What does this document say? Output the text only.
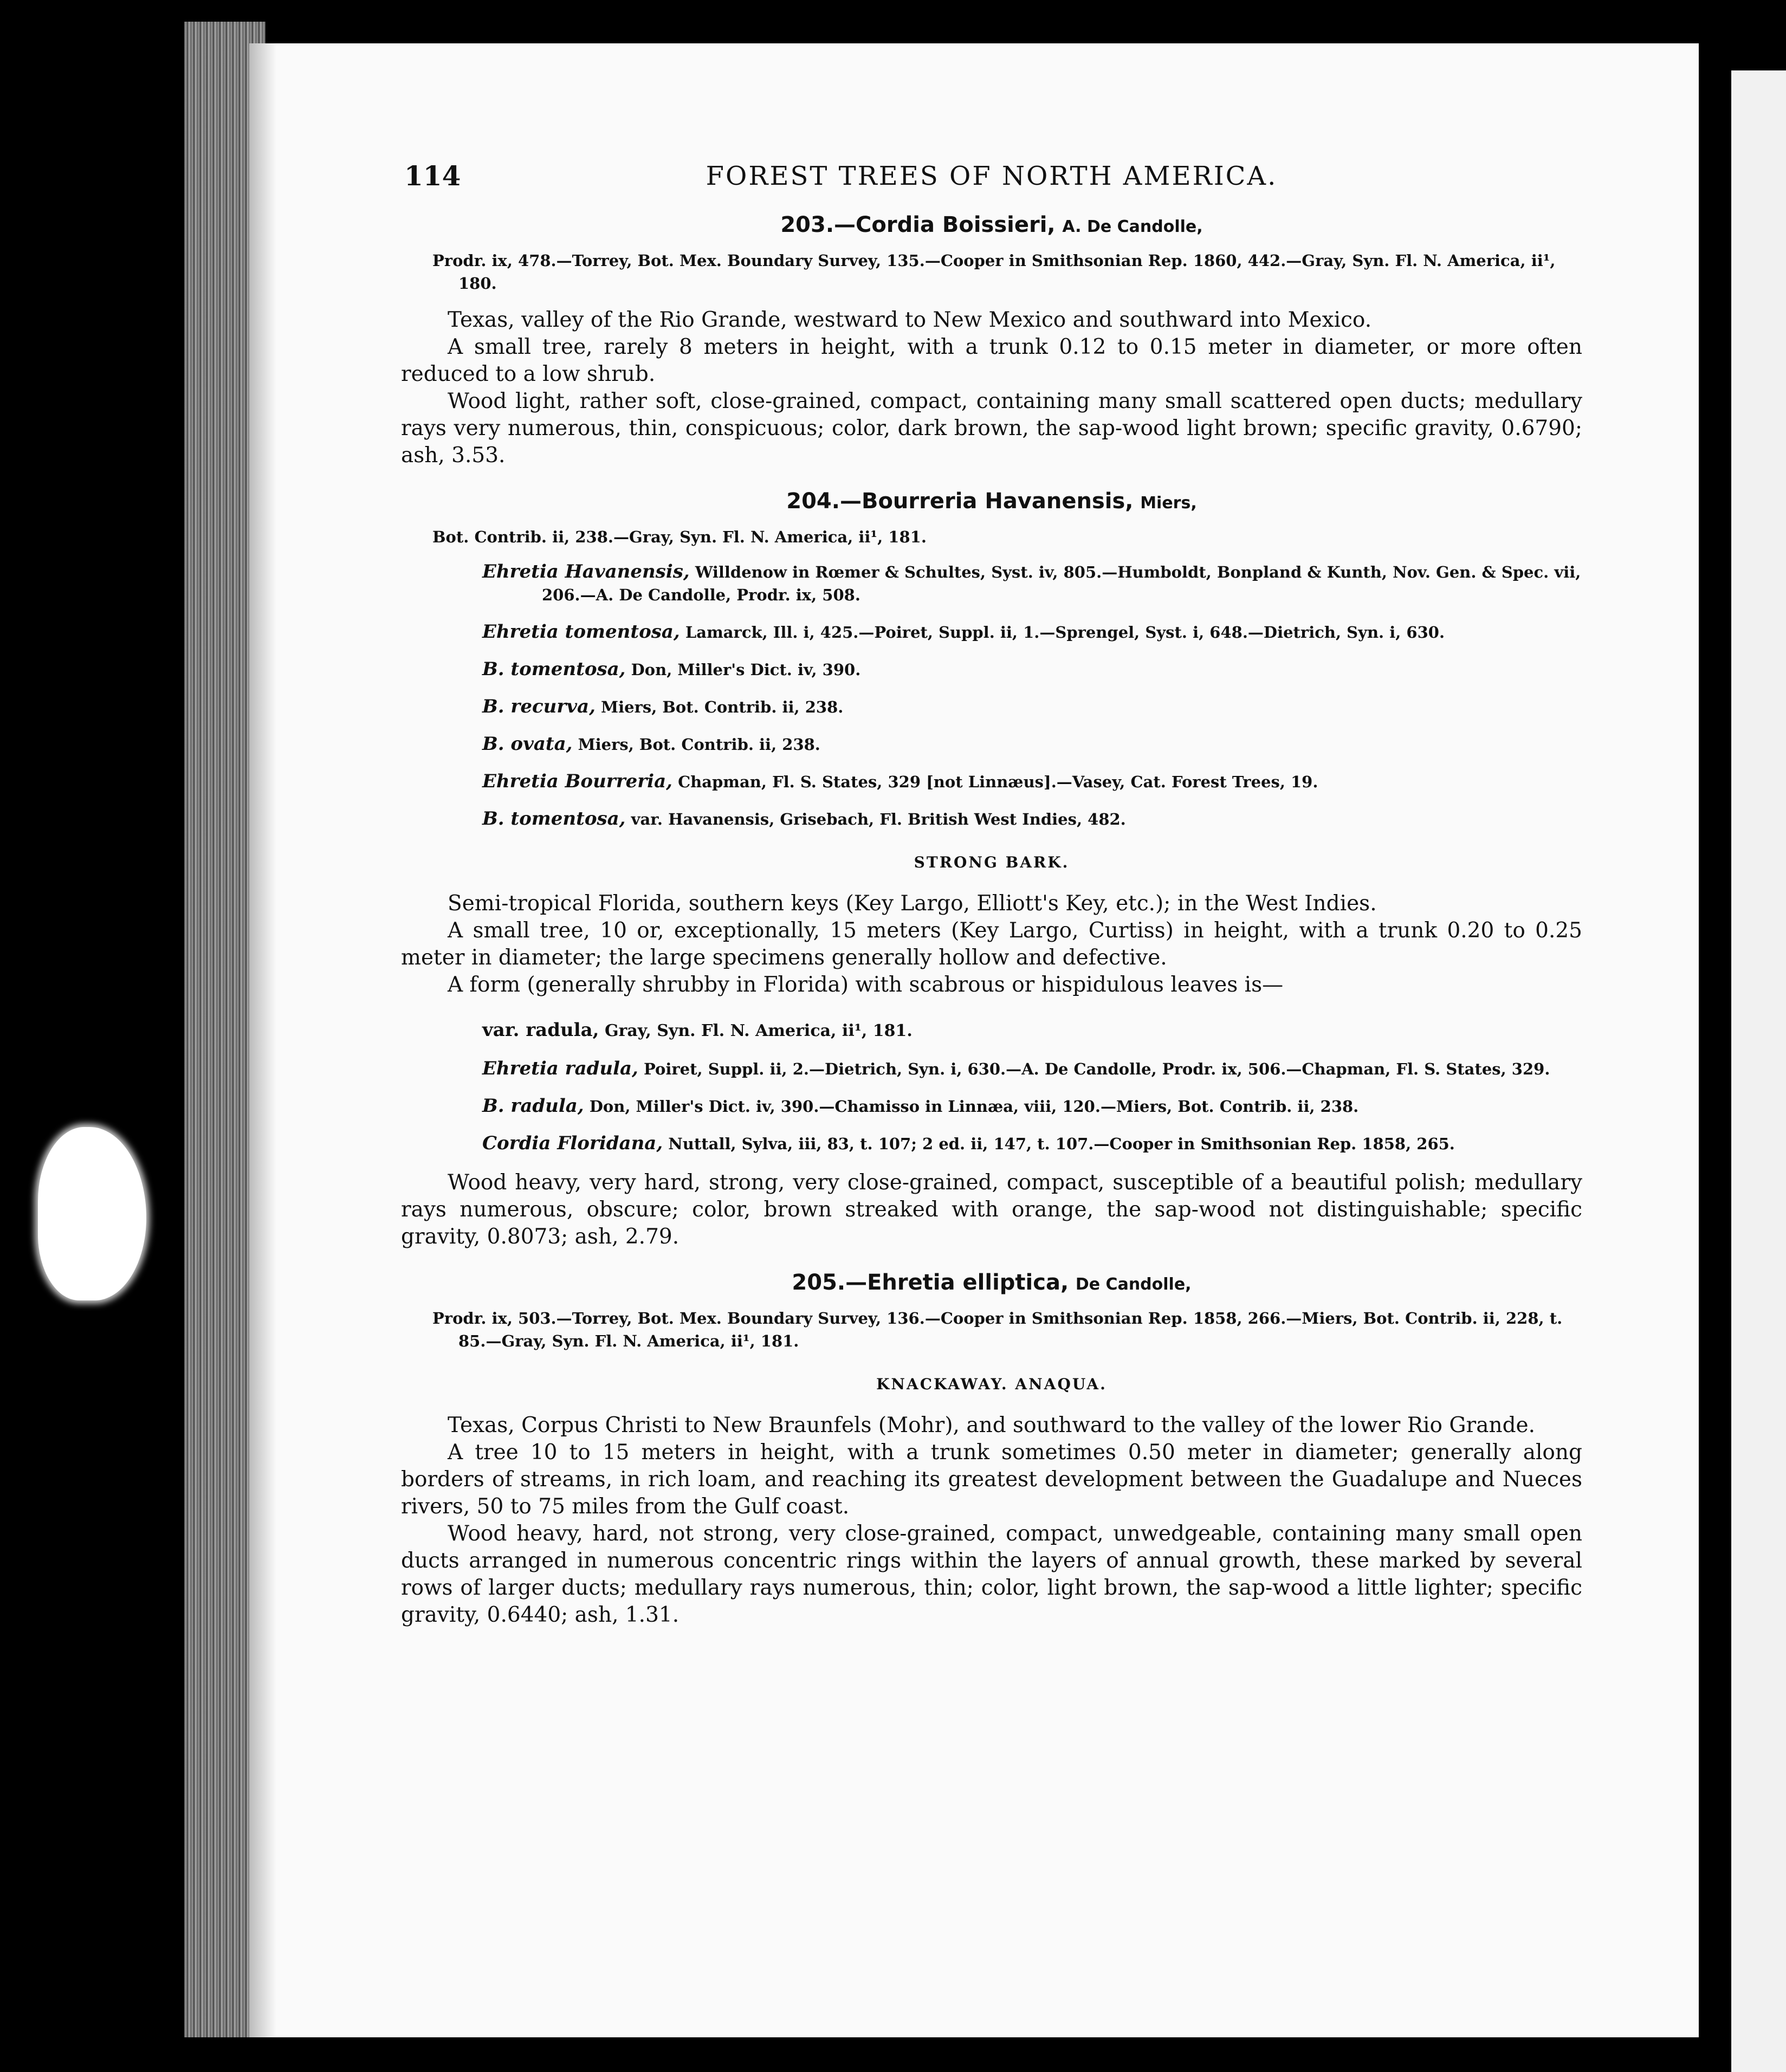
114	FOREST TREES OF NORTH AMERICA.
203.—Cordia Boissieri, A. De Candolle,
Prodr. ix, 478.—Torrey, Bot. Mex. Boundary Survey, 135.—Cooper in Smithsonian Rep. 1860, 442.—Gray, Syn. Fl. N. America, ii¹, 180.

Texas, valley of the Rio Grande, westward to New Mexico and southward into Mexico.

A small tree, rarely 8 meters in height, with a trunk 0.12 to 0.15 meter in diameter, or more often reduced to a low shrub.

Wood light, rather soft, close-grained, compact, containing many small scattered open ducts; medullary rays very numerous, thin, conspicuous; color, dark brown, the sap-wood light brown; specific gravity, 0.6790; ash, 3.53.

204.—Bourreria Havanensis, Miers,
Bot. Contrib. ii, 238.—Gray, Syn. Fl. N. America, ii¹, 181.
Ehretia Havanensis, Willdenow in Rœmer & Schultes, Syst. iv, 805.—Humboldt, Bonpland & Kunth, Nov. Gen. & Spec. vii, 206.—A. De Candolle, Prodr. ix, 508.
Ehretia tomentosa, Lamarck, Ill. i, 425.—Poiret, Suppl. ii, 1.—Sprengel, Syst. i, 648.—Dietrich, Syn. i, 630.
B. tomentosa, Don, Miller's Dict. iv, 390.
B. recurva, Miers, Bot. Contrib. ii, 238.
B. ovata, Miers, Bot. Contrib. ii, 238.
Ehretia Bourreria, Chapman, Fl. S. States, 329 [not Linnæus].—Vasey, Cat. Forest Trees, 19.
B. tomentosa, var. Havanensis, Grisebach, Fl. British West Indies, 482.
STRONG BARK.

Semi-tropical Florida, southern keys (Key Largo, Elliott's Key, etc.); in the West Indies.

A small tree, 10 or, exceptionally, 15 meters (Key Largo, Curtiss) in height, with a trunk 0.20 to 0.25 meter in diameter; the large specimens generally hollow and defective.

A form (generally shrubby in Florida) with scabrous or hispidulous leaves is—

var. radula, Gray, Syn. Fl. N. America, ii¹, 181.
Ehretia radula, Poiret, Suppl. ii, 2.—Dietrich, Syn. i, 630.—A. De Candolle, Prodr. ix, 506.—Chapman, Fl. S. States, 329.
B. radula, Don, Miller's Dict. iv, 390.—Chamisso in Linnæa, viii, 120.—Miers, Bot. Contrib. ii, 238.
Cordia Floridana, Nuttall, Sylva, iii, 83, t. 107; 2 ed. ii, 147, t. 107.—Cooper in Smithsonian Rep. 1858, 265.

Wood heavy, very hard, strong, very close-grained, compact, susceptible of a beautiful polish; medullary rays numerous, obscure; color, brown streaked with orange, the sap-wood not distinguishable; specific gravity, 0.8073; ash, 2.79.

205.—Ehretia elliptica, De Candolle,
Prodr. ix, 503.—Torrey, Bot. Mex. Boundary Survey, 136.—Cooper in Smithsonian Rep. 1858, 266.—Miers, Bot. Contrib. ii, 228, t. 85.—Gray, Syn. Fl. N. America, ii¹, 181.
KNACKAWAY. ANAQUA.

Texas, Corpus Christi to New Braunfels (Mohr), and southward to the valley of the lower Rio Grande.

A tree 10 to 15 meters in height, with a trunk sometimes 0.50 meter in diameter; generally along borders of streams, in rich loam, and reaching its greatest development between the Guadalupe and Nueces rivers, 50 to 75 miles from the Gulf coast.

Wood heavy, hard, not strong, very close-grained, compact, unwedgeable, containing many small open ducts arranged in numerous concentric rings within the layers of annual growth, these marked by several rows of larger ducts; medullary rays numerous, thin; color, light brown, the sap-wood a little lighter; specific gravity, 0.6440; ash, 1.31.
